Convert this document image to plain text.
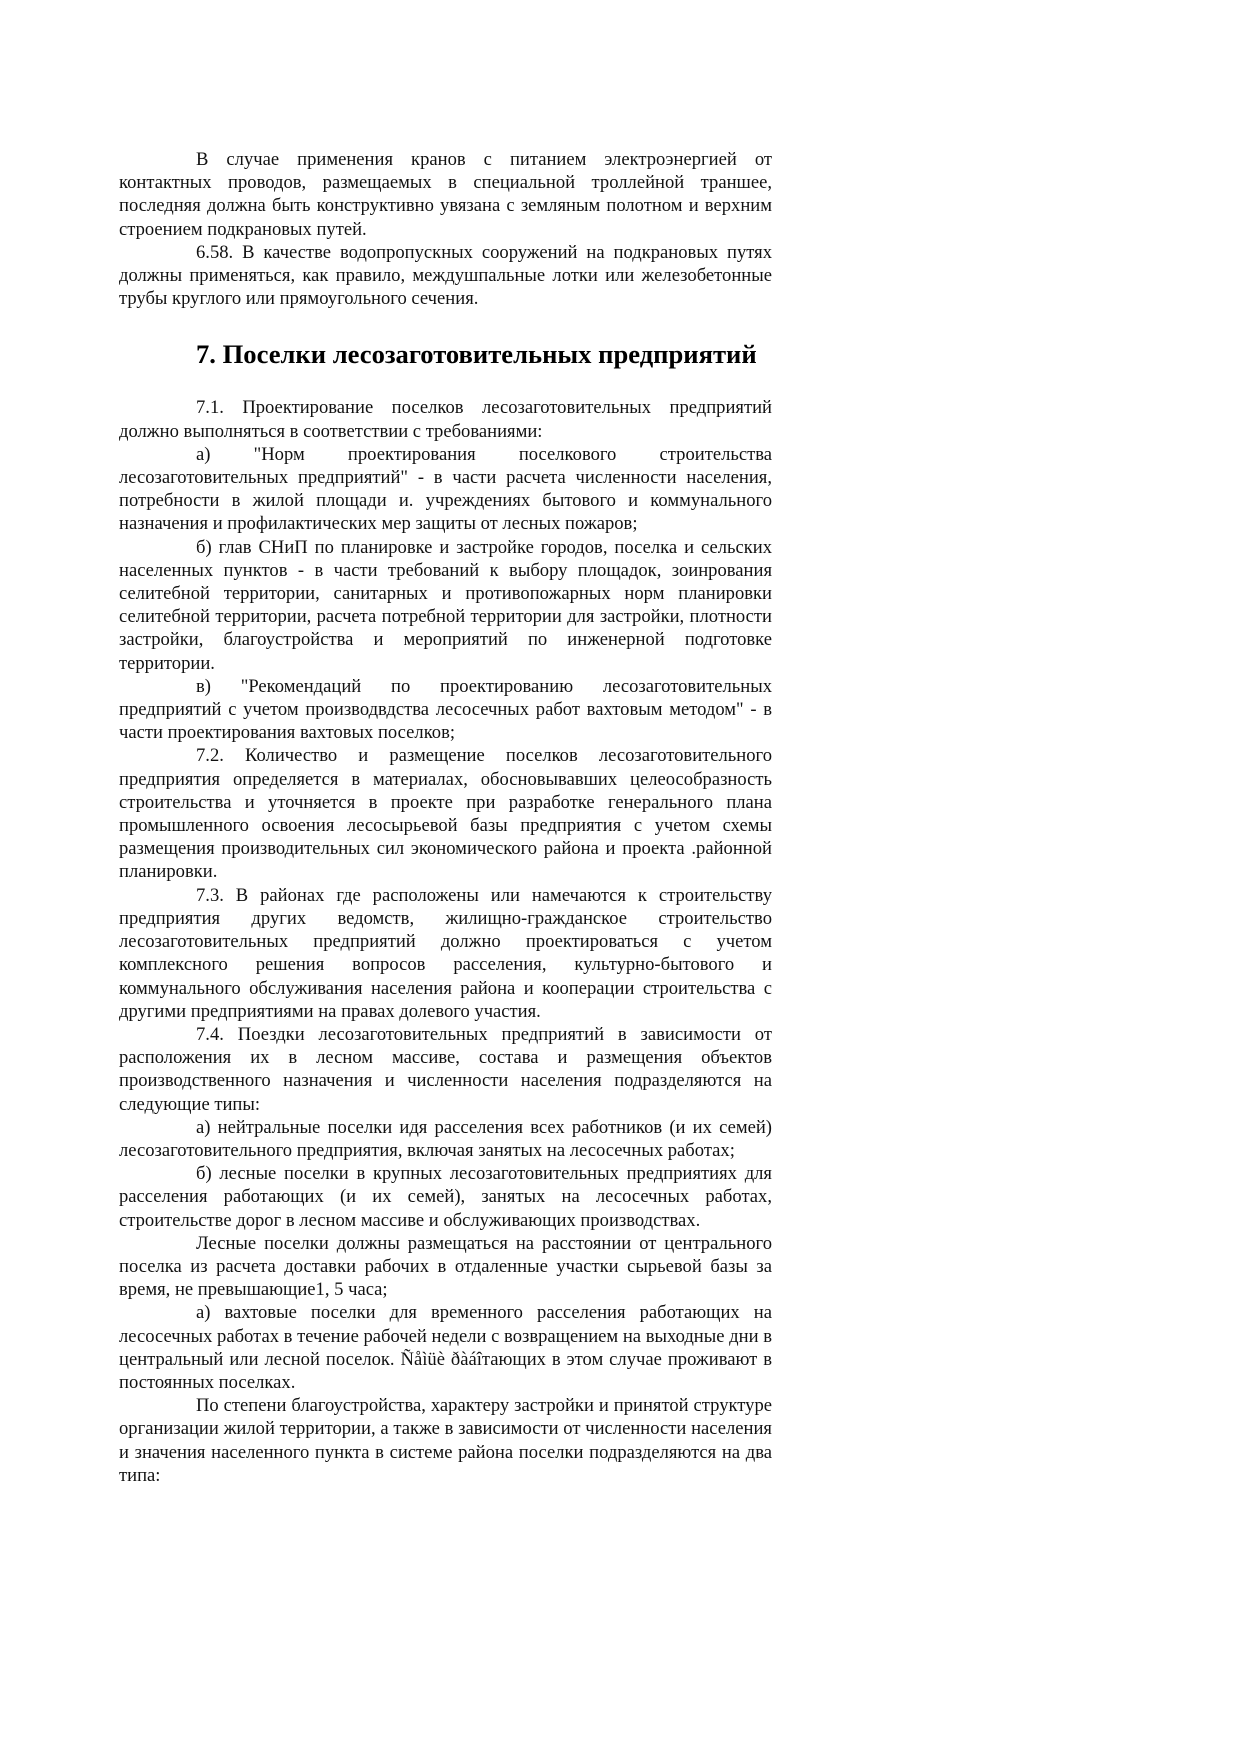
В случае применения кранов с питанием электроэнергией от контактных проводов, размещаемых в специальной троллейной траншее, последняя должна быть конструктивно увязана с земляным полотном и верхним строением подкрановых путей.

6.58. В качестве водопропускных сооружений на подкрановых путях должны применяться, как правило, междушпальные лотки или железобетонные трубы круглого или прямоугольного сечения.

7. Поселки лесозаготовительных предприятий

7.1. Проектирование поселков лесозаготовительных предприятий должно выполняться в соответствии с требованиями:

а) "Норм проектирования поселкового строительства лесозаготовительных предприятий" - в части расчета численности населения, потребности в жилой площади и. учреждениях бытового и коммунального назначения и профилактических мер защиты от лесных пожаров;

б) глав СНиП по планировке и застройке городов, поселка и сельских населенных пунктов - в части требований к выбору площадок, зоинрования селитебной территории, санитарных и противопожарных норм планировки селитебной территории, расчета потребной территории для застройки, плотности застройки, благоустройства и мероприятий по инженерной подготовке территории.

в) "Рекомендаций по проектированию лесозаготовительных предприятий с учетом производвдства лесосечных работ вахтовым методом" - в части проектирования вахтовых поселков;

7.2. Количество и размещение поселков лесозаготовительного предприятия определяется в материалах, обосновывавших целеособразность строительства и уточняется в проекте при разработке генерального плана промышленного освоения лесосырьевой базы предприятия с учетом схемы размещения производительных сил экономического района и проекта .районной планировки.

7.3. В районах где расположены или намечаются к строительству предприятия других ведомств, жилищно-гражданское строительство лесозаготовительных предприятий должно проектироваться с учетом комплексного решения вопросов расселения, культурно-бытового и коммунального обслуживания населения района и кооперации строительства с другими предприятиями на правах долевого участия.

7.4. Поездки лесозаготовительных предприятий в зависимости от расположения их в лесном массиве, состава и размещения объектов производственного назначения и численности населения подразделяются на следующие типы:

а) нейтральные поселки идя расселения всех работников (и их семей) лесозаготовительного предприятия, включая занятых на лесосечных работах;

б) лесные поселки в крупных лесозаготовительных предприятиях для расселения работающих (и их семей), занятых на лесосечных работах, строительстве дорог в лесном массиве и обслуживающих производствах.

Лесные поселки должны размещаться на расстоянии от центрального поселка из расчета доставки рабочих в отдаленные участки сырьевой базы за время, не превышающие1, 5 часа;

а) вахтовые поселки для временного расселения работающих на лесосечных работах в течение рабочей недели с возвращением на выходные дни в центральный или лесной поселок. Ñåìüè ðàáîтающих в этом случае проживают в постоянных поселках.

По степени благоустройства, характеру застройки и принятой структуре организации жилой территории, а также в зависимости от численности населения и значения населенного пункта в системе района поселки подразделяются на два типа:
